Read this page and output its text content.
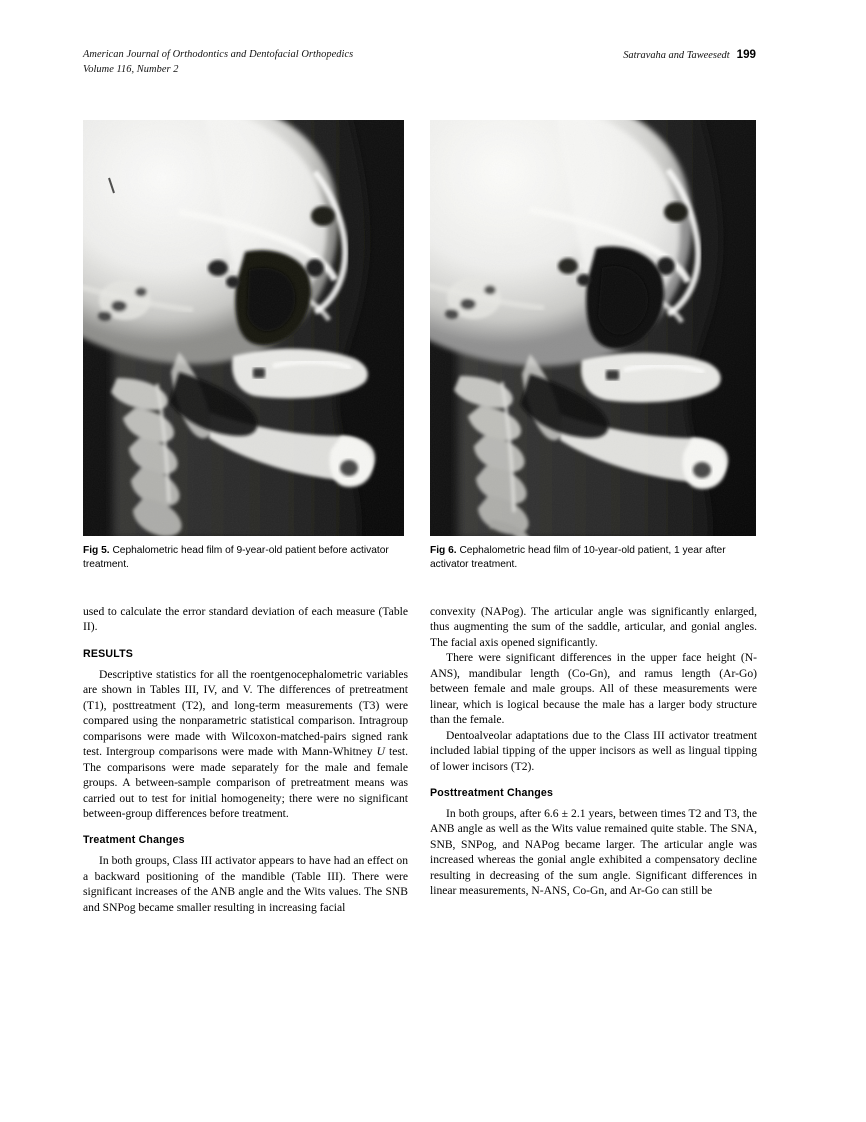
American Journal of Orthodontics and Dentofacial Orthopedics
Volume 116, Number 2
Satravaha and Taweesedt 199
Fig 5. Cephalometric head film of 9-year-old patient before activator treatment.
Fig 6. Cephalometric head film of 10-year-old patient, 1 year after activator treatment.

used to calculate the error standard deviation of each measure (Table II).

RESULTS

Descriptive statistics for all the roentgenocephalometric variables are shown in Tables III, IV, and V. The differences of pretreatment (T1), posttreatment (T2), and long-term measurements (T3) were compared using the nonparametric statistical comparison. Intragroup comparisons were made with Wilcoxon-matched-pairs signed rank test. Intergroup comparisons were made with Mann-Whitney U test. The comparisons were made separately for the male and female groups. A between-sample comparison of pretreatment means was carried out to test for initial homogeneity; there were no significant between-group differences before treatment.

Treatment Changes

In both groups, Class III activator appears to have had an effect on a backward positioning of the mandible (Table III). There were significant increases of the ANB angle and the Wits values. The SNB and SNPog became smaller resulting in increasing facial

convexity (NAPog). The articular angle was significantly enlarged, thus augmenting the sum of the saddle, articular, and gonial angles. The facial axis opened significantly.

There were significant differences in the upper face height (N-ANS), mandibular length (Co-Gn), and ramus length (Ar-Go) between female and male groups. All of these measurements were linear, which is logical because the male has a larger body structure than the female.

Dentoalveolar adaptations due to the Class III activator treatment included labial tipping of the upper incisors as well as lingual tipping of lower incisors (T2).

Posttreatment Changes

In both groups, after 6.6 ± 2.1 years, between times T2 and T3, the ANB angle as well as the Wits value remained quite stable. The SNA, SNB, SNPog, and NAPog became larger. The articular angle was increased whereas the gonial angle exhibited a compensatory decline resulting in decreasing of the sum angle. Significant differences in linear measurements, N-ANS, Co-Gn, and Ar-Go can still be
